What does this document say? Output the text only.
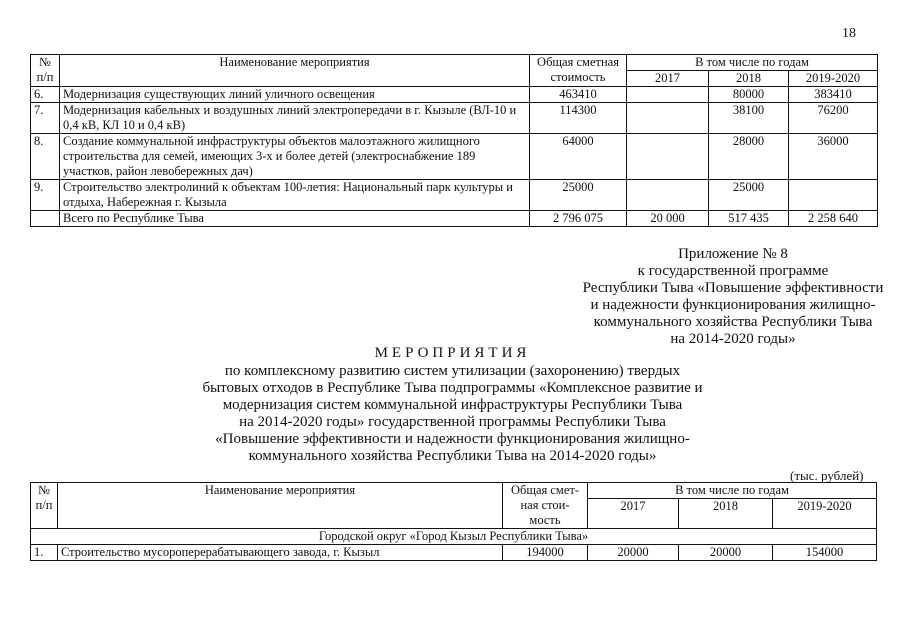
18
№ п/п	Наименование мероприятия	Общая сметная стоимость	В том числе по годам		
			2017	2018	2019-2020
6.	Модернизация существующих линий уличного освещения	463410		80000	383410
7.	Модернизация кабельных и воздушных линий электропередачи в г. Кызыле (ВЛ-10 и 0,4 кВ, КЛ 10 и 0,4 кВ)	114300		38100	76200
8.	Создание коммунальной инфраструктуры объектов малоэтажного жилищного строительства для семей, имеющих 3-х и более детей (электроснабжение 189 участков, район левобережных дач)	64000		28000	36000
9.	Строительство электролиний к объектам 100-летия: Национальный парк культуры и отдыха, Набережная г. Кызыла	25000		25000	
	Всего по Республике Тыва	2 796 075	20 000	517 435	2 258 640
Приложение № 8
к государственной программе
Республики Тыва «Повышение эффективности
и надежности функционирования жилищно-
коммунального хозяйства Республики Тыва
на 2014-2020 годы»
МЕРОПРИЯТИЯ
по комплексному развитию систем утилизации (захоронению) твердых
бытовых отходов в Республике Тыва подпрограммы «Комплексное развитие и
модернизация систем коммунальной инфраструктуры Республики Тыва
на 2014-2020 годы» государственной программы Республики Тыва
«Повышение эффективности и надежности функционирования жилищно-
коммунального хозяйства Республики Тыва на 2014-2020 годы»
(тыс. рублей)
№ п/п	Наименование мероприятия	Общая смет-ная стои-мость	В том числе по годам		
			2017	2018	2019-2020
Городской округ «Город Кызыл Республики Тыва»					
1.	Строительство мусороперерабатывающего завода, г. Кызыл	194000	20000	20000	154000
